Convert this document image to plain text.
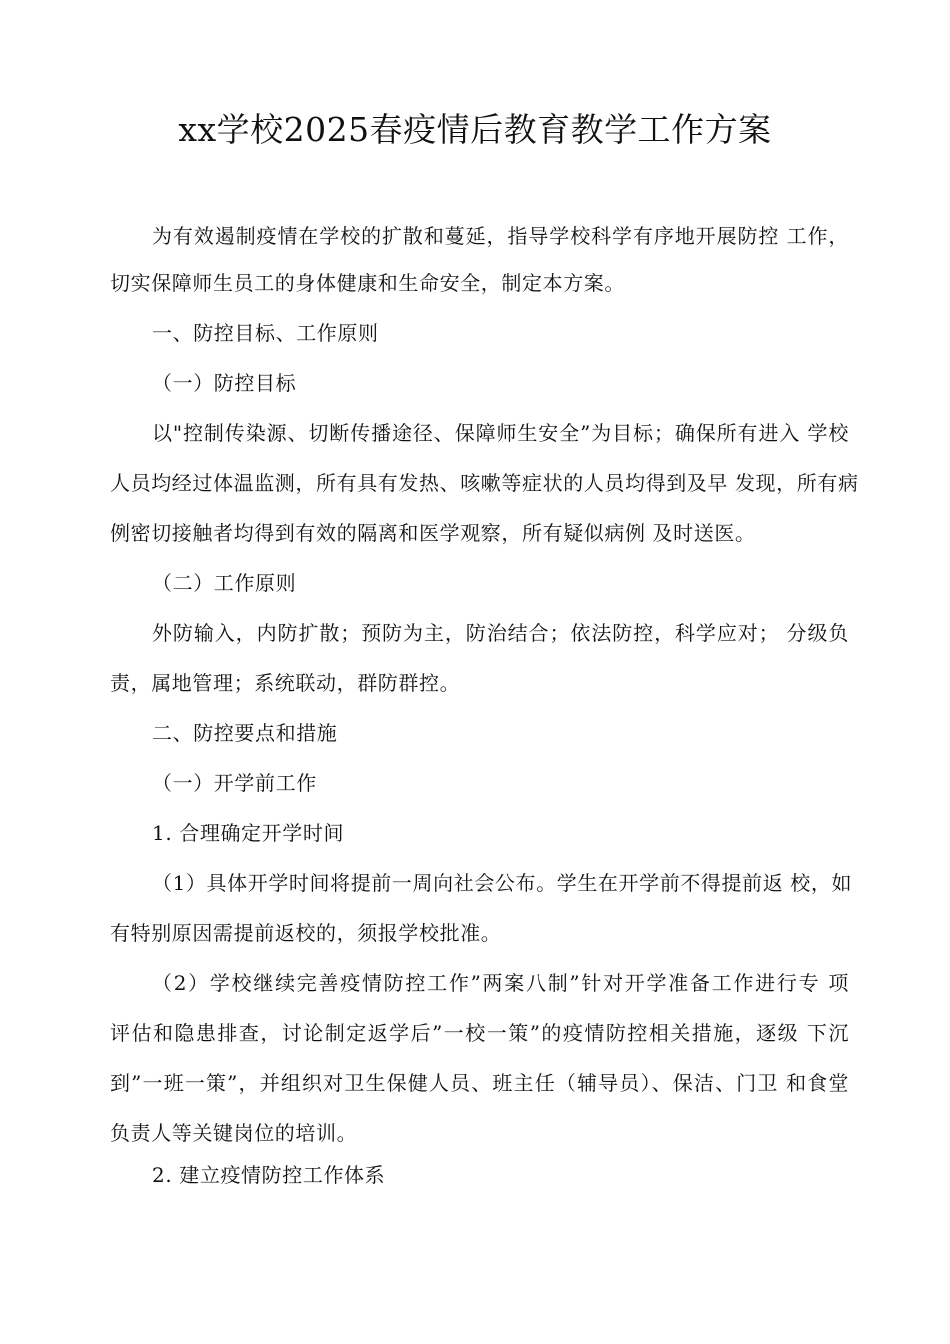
xx学校2025春疫情后教育教学工作方案
为有效遏制疫情在学校的扩散和蔓延，指导学校科学有序地开展防控 工作，
切实保障师生员工的身体健康和生命安全，制定本方案。
一、防控目标、工作原则
（一）防控目标
以"控制传染源、切断传播途径、保障师生安全”为目标；确保所有进入 学校
人员均经过体温监测，所有具有发热、咳嗽等症状的人员均得到及早 发现，所有病
例密切接触者均得到有效的隔离和医学观察，所有疑似病例 及时送医。
（二）工作原则
外防输入，内防扩散；预防为主，防治结合；依法防控，科学应对； 分级负
责，属地管理；系统联动，群防群控。
二、防控要点和措施
（一）开学前工作
1. 合理确定开学时间
（1）具体开学时间将提前一周向社会公布。学生在开学前不得提前返 校，如
有特别原因需提前返校的，须报学校批准。
（2）学校继续完善疫情防控工作”两案八制”针对开学准备工作进行专 项
评估和隐患排查，讨论制定返学后”一校一策”的疫情防控相关措施，逐级 下沉
到”一班一策”，并组织对卫生保健人员、班主任（辅导员）、保洁、门卫 和食堂
负责人等关键岗位的培训。
2. 建立疫情防控工作体系
